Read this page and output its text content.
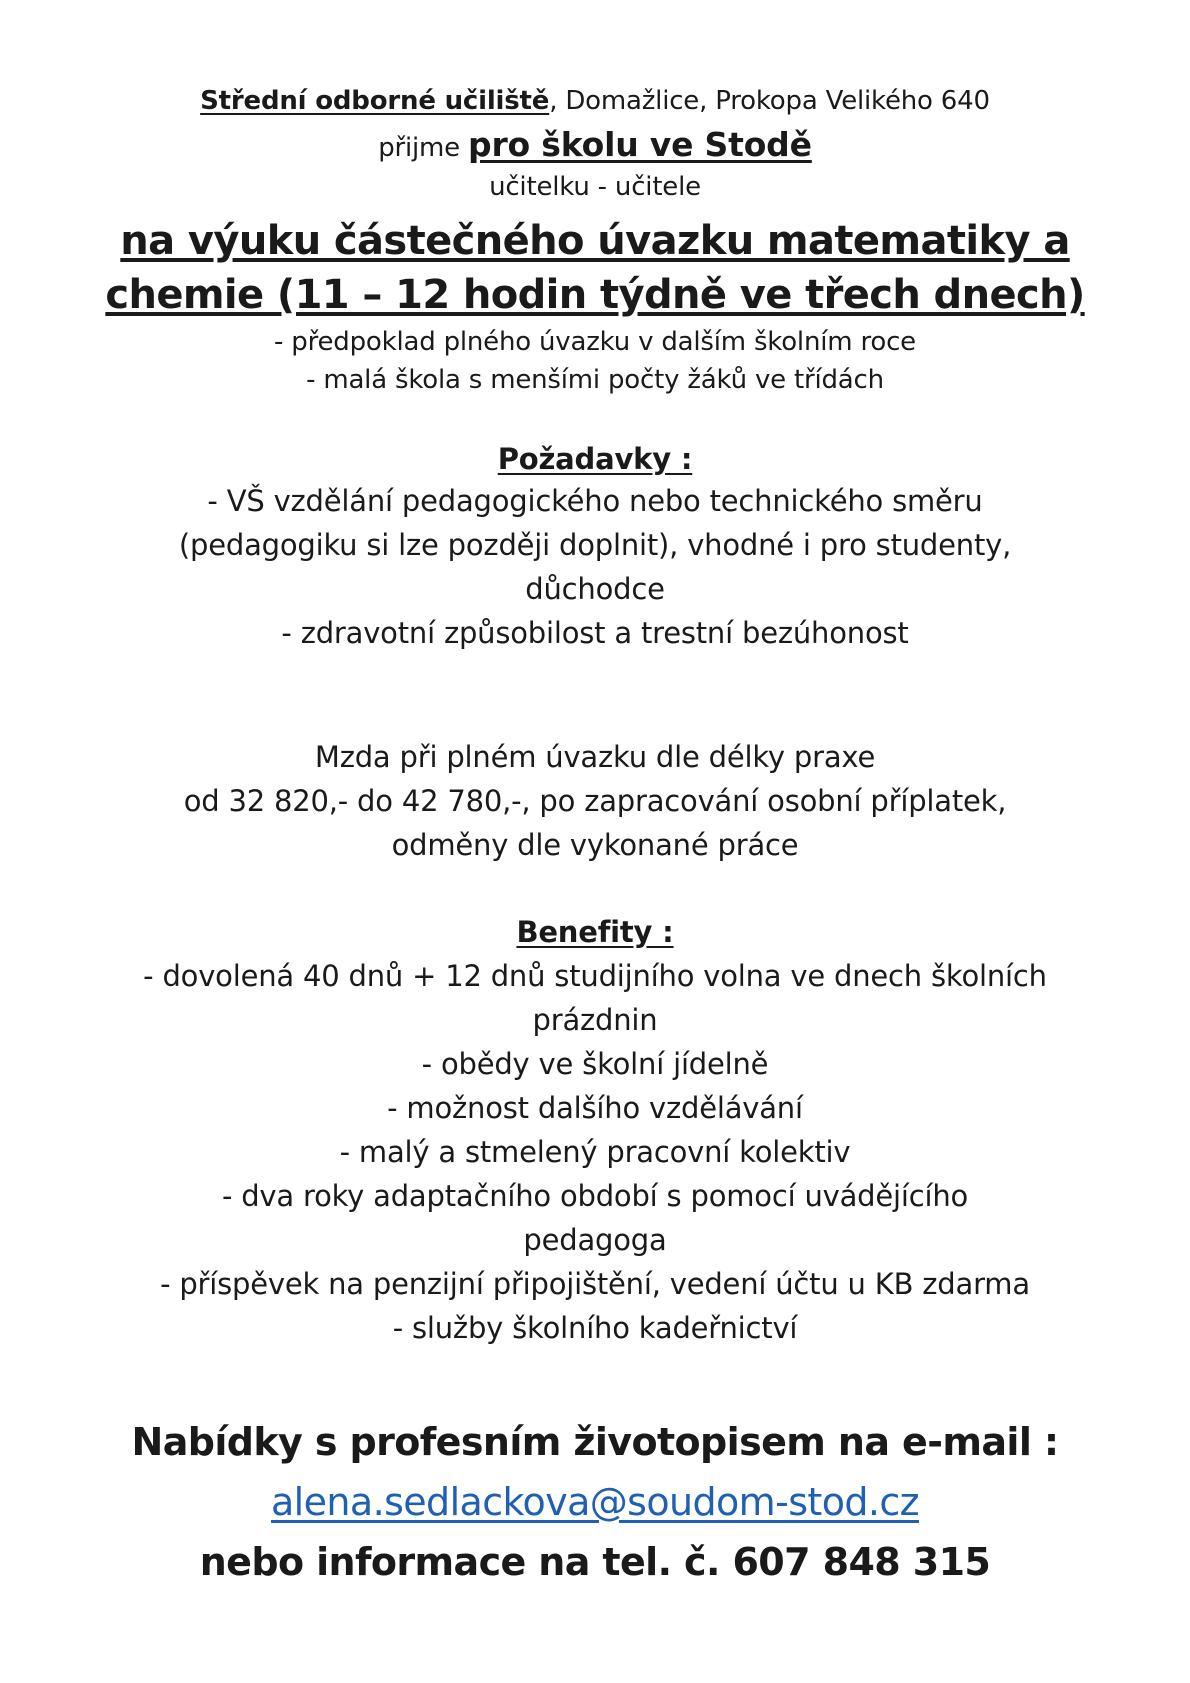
Střední odborné učiliště, Domažlice, Prokopa Velikého 640
přijme pro školu ve Stodě
učitelku - učitele
na výuku částečného úvazku matematiky a
chemie (11 – 12 hodin týdně ve třech dnech)
- předpoklad plného úvazku v dalším školním roce
- malá škola s menšími počty žáků ve třídách
Požadavky :
- VŠ vzdělání pedagogického nebo technického směru
(pedagogiku si lze později doplnit), vhodné i pro studenty,
důchodce
- zdravotní způsobilost a trestní bezúhonost
Mzda při plném úvazku dle délky praxe
od 32 820,- do 42 780,-, po zapracování osobní příplatek,
odměny dle vykonané práce
Benefity :
- dovolená 40 dnů + 12 dnů studijního volna ve dnech školních
prázdnin
- obědy ve školní jídelně
- možnost dalšího vzdělávání
- malý a stmelený pracovní kolektiv
- dva roky adaptačního období s pomocí uvádějícího
pedagoga
- příspěvek na penzijní připojištění, vedení účtu u KB zdarma
- služby školního kadeřnictví
Nabídky s profesním životopisem na e-mail :
alena.sedlackova@soudom-stod.cz
nebo informace na tel. č. 607 848 315
